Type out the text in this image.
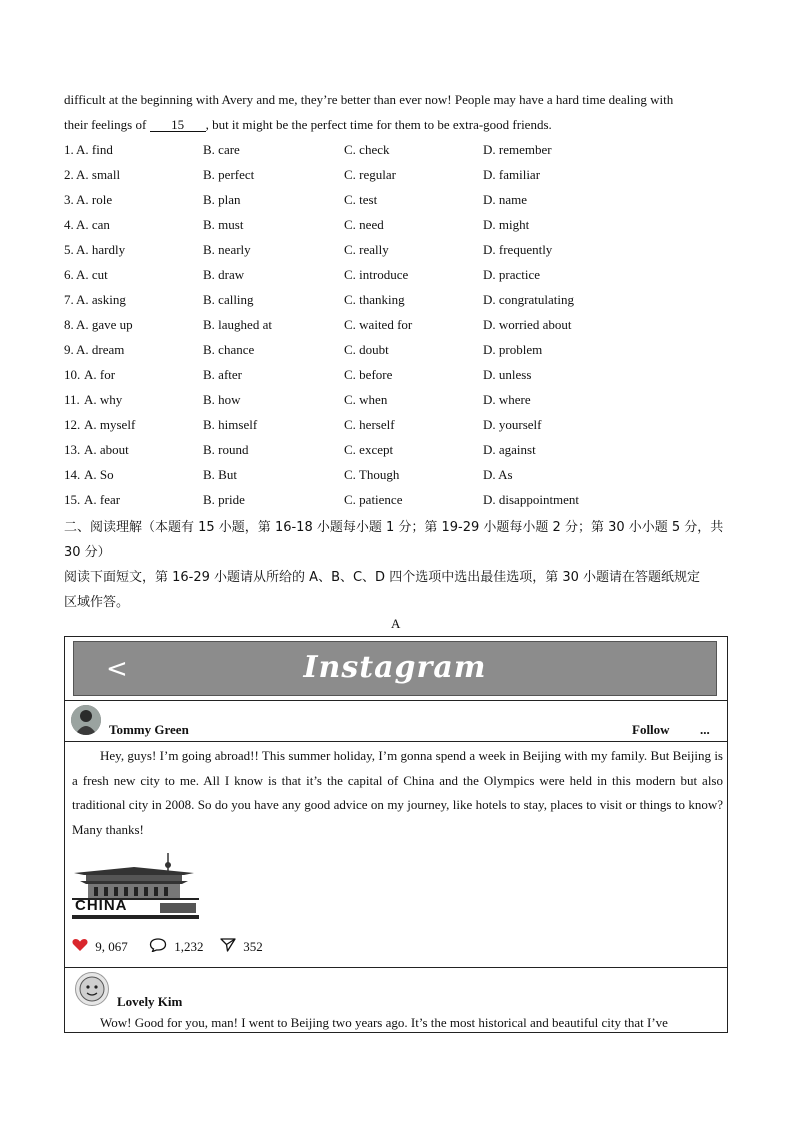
difficult at the beginning with Avery and me, they’re better than ever now! People may have a hard time dealing with
their feelings of 15 , but it might be the perfect time for them to be extra-good friends.
1. A. find	B. care	C. check	D. remember
2. A. small	B. perfect	C. regular	D. familiar
3. A. role	B. plan	C. test	D. name
4. A. can	B. must	C. need	D. might
5. A. hardly	B. nearly	C. really	D. frequently
6. A. cut	B. draw	C. introduce	D. practice
7. A. asking	B. calling	C. thanking	D. congratulating
8. A. gave up	B. laughed at	C. waited for	D. worried about
9. A. dream	B. chance	C. doubt	D. problem
10. A. for	B. after	C. before	D. unless
11. A. why	B. how	C. when	D. where
12. A. myself	B. himself	C. herself	D. yourself
13. A. about	B. round	C. except	D. against
14. A. So	B. But	C. Though	D. As
15. A. fear	B. pride	C. patience	D. disappointment
二、阅读理解（本题有 15 小题，第 16-18 小题每小题 1 分；第 19-29 小题每小题 2 分；第 30 小小题 5 分，共
30 分）
阅读下面短文，第 16-29 小题请从所给的 A、B、C、D 四个选项中选出最佳选项，第 30 小题请在答题纸规定
区域作答。
A
<	Instagram
Tommy Green	Follow ...
Hey, guys! I’m going abroad!! This summer holiday, I’m gonna spend a week in Beijing with my family. But Beijing is a fresh new city to me. All I know is that it’s the capital of China and the Olympics were held in this modern but also traditional city in 2008. So do you have any good advice on my journey, like hotels to stay, places to visit or things to know? Many thanks!
CHINA
9, 067	1,232	352
Lovely Kim
Wow! Good for you, man! I went to Beijing two years ago. It’s the most historical and beautiful city that I’ve
